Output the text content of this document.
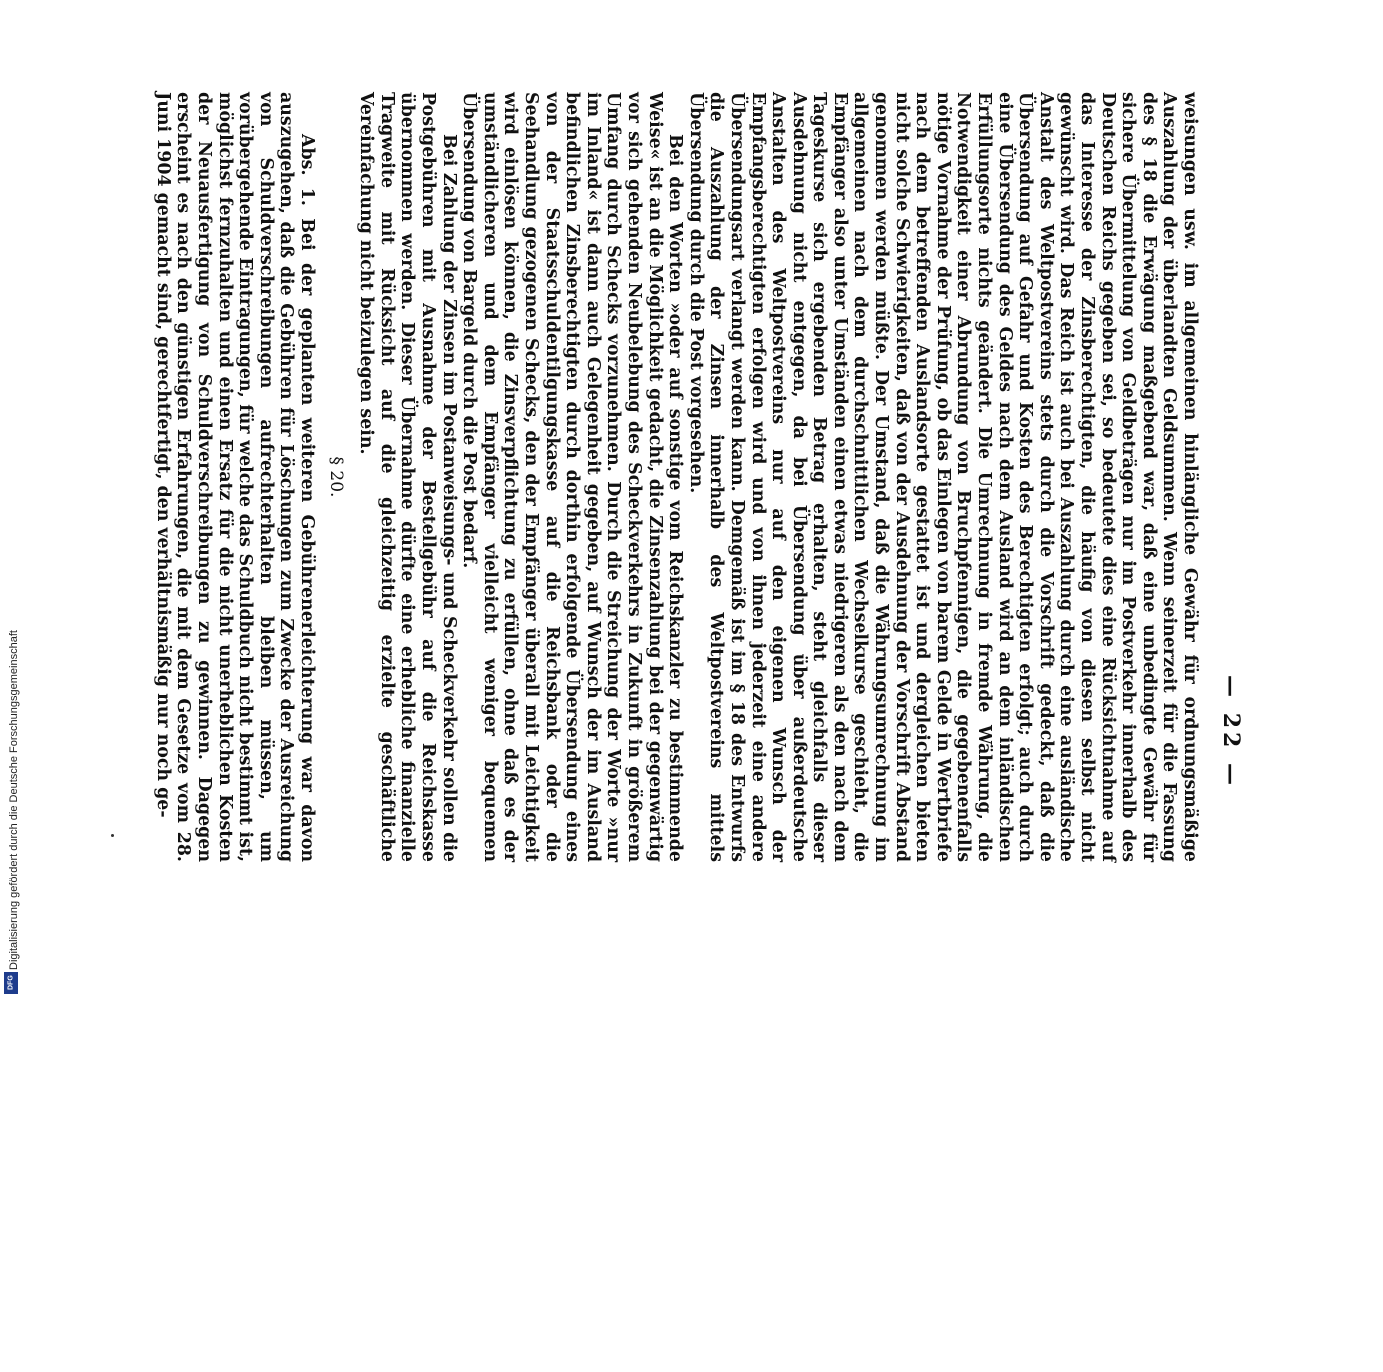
— 22 —

weisungen usw. im allgemeinen hinlängliche Gewähr für ordnungsmäßige Auszahlung der überlandten Geldsummen. Wenn seinerzeit für die Fassung des § 18 die Erwägung maßgebend war, daß eine unbedingte Gewähr für sichere Übermittelung von Geldbeträgen nur im Postverkehr innerhalb des Deutschen Reichs gegeben sei, so bedeutete dies eine Rücksichtnahme auf das Interesse der Zinsberechtigten, die häufig von diesen selbst nicht gewünscht wird. Das Reich ist auch bei Auszahlung durch eine ausländische Anstalt des Weltpostvereins stets durch die Vorschrift gedeckt, daß die Übersendung auf Gefahr und Kosten des Berechtigten erfolgt; auch durch eine Übersendung des Geldes nach dem Ausland wird an dem inländischen Erfüllungsorte nichts geändert. Die Umrechnung in fremde Währung, die Notwendigkeit einer Abrundung von Bruchpfennigen, die gegebenenfalls nötige Vornahme der Prüfung, ob das Einlegen von barem Gelde in Wertbriefe nach dem betreffenden Auslandsorte gestattet ist und dergleichen bieten nicht solche Schwierigkeiten, daß von der Ausdehnung der Vorschrift Abstand genommen werden müßte. Der Umstand, daß die Währungsumrechnung im allgemeinen nach dem durchschnittlichen Wechselkurse geschieht, die Empfänger also unter Umständen einen etwas niedrigeren als den nach dem Tageskurse sich ergebenden Betrag erhalten, steht gleichfalls dieser Ausdehnung nicht entgegen, da bei Übersendung über außerdeutsche Anstalten des Weltpostvereins nur auf den eigenen Wunsch der Empfangsberechtigten erfolgen wird und von ihnen jederzeit eine andere Übersendungsart verlangt werden kann. Demgemäß ist im § 18 des Entwurfs die Auszahlung der Zinsen innerhalb des Weltpostvereins mittels Übersendung durch die Post vorgesehen.

Bei den Worten »oder auf sonstige vom Reichskanzler zu bestimmende Weise« ist an die Möglichkeit gedacht, die Zinsenzahlung bei der gegenwärtig vor sich gehenden Neubelebung des Scheckverkehrs in Zukunft in größerem Umfang durch Schecks vorzunehmen. Durch die Streichung der Worte »nur im Inland« ist dann auch Gelegenheit gegeben, auf Wunsch der im Ausland befindlichen Zinsberechtigten durch dorthin erfolgende Übersendung eines von der Staatsschuldentilgungskasse auf die Reichsbank oder die Seehandlung gezogenen Schecks, den der Empfänger überall mit Leichtigkeit wird einlösen können, die Zinsverpflichtung zu erfüllen, ohne daß es der umständlicheren und dem Empfänger vielleicht weniger bequemen Übersendung von Bargeld durch die Post bedarf.

Bei Zahlung der Zinsen im Postanweisungs- und Scheckverkehr sollen die Postgebühren mit Ausnahme der Bestellgebühr auf die Reichskasse übernommen werden. Dieser Übernahme dürfte eine erhebliche finanzielle Tragweite mit Rücksicht auf die gleichzeitig erzielte geschäftliche Vereinfachung nicht beizulegen sein.

§ 20.

Abs. 1. Bei der geplanten weiteren Gebührenerleichterung war davon auszugehen, daß die Gebühren für Löschungen zum Zwecke der Ausreichung von Schuldverschreibungen aufrechterhalten bleiben müssen, um vorübergehende Eintragungen, für welche das Schuldbuch nicht bestimmt ist, möglichst fernzuhalten und einen Ersatz für die nicht unerheblichen Kosten der Neuausfertigung von Schuldverschreibungen zu gewinnen. Dagegen erscheint es nach den günstigen Erfahrungen, die mit dem Gesetze vom 28. Juni 1904 gemacht sind, gerechtfertigt, den verhältnismäßig nur noch ge-

Digitalisierung gefördert durch die Deutsche Forschungsgemeinschaft
DFG
